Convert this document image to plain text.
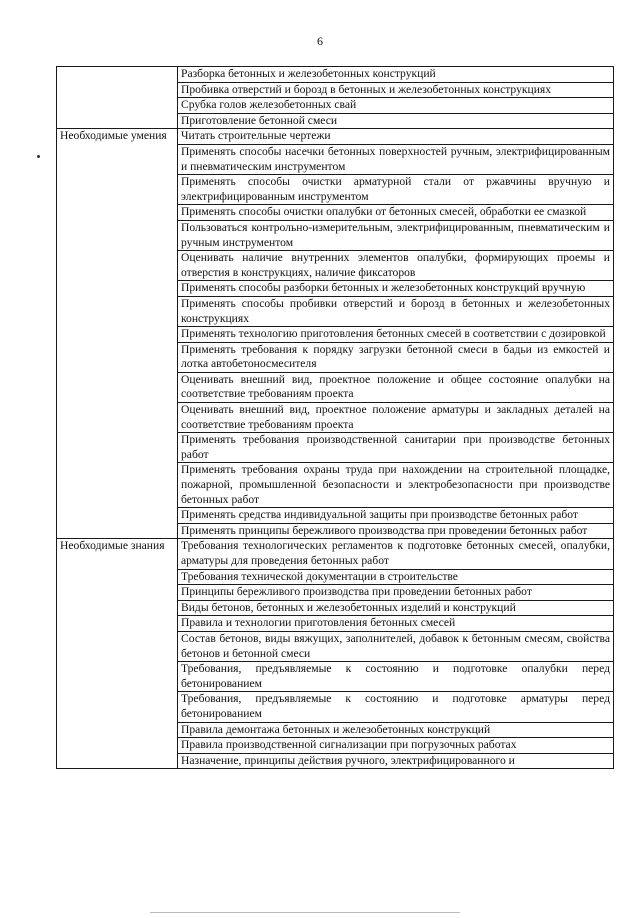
6
	Разборка бетонных и железобетонных конструкций
	Пробивка отверстий и борозд в бетонных и железобетонных конструкциях
	Срубка голов железобетонных свай
	Приготовление бетонной смеси
Необходимые умения	Читать строительные чертежи
	Применять способы насечки бетонных поверхностей ручным, электрифицированным и пневматическим инструментом
	Применять способы очистки арматурной стали от ржавчины вручную и электрифицированным инструментом
	Применять способы очистки опалубки от бетонных смесей, обработки ее смазкой
	Пользоваться контрольно-измерительным, электрифицированным, пневматическим и ручным инструментом
	Оценивать наличие внутренних элементов опалубки, формирующих проемы и отверстия в конструкциях, наличие фиксаторов
	Применять способы разборки бетонных и железобетонных конструкций вручную
	Применять способы пробивки отверстий и борозд в бетонных и железобетонных конструкциях
	Применять технологию приготовления бетонных смесей в соответствии с дозировкой
	Применять требования к порядку загрузки бетонной смеси в бадьи из емкостей и лотка автобетоносмесителя
	Оценивать внешний вид, проектное положение и общее состояние опалубки на соответствие требованиям проекта
	Оценивать внешний вид, проектное положение арматуры и закладных деталей на соответствие требованиям проекта
	Применять требования производственной санитарии при производстве бетонных работ
	Применять требования охраны труда при нахождении на строительной площадке, пожарной, промышленной безопасности и электробезопасности при производстве бетонных работ
	Применять средства индивидуальной защиты при производстве бетонных работ
	Применять принципы бережливого производства при проведении бетонных работ
Необходимые знания	Требования технологических регламентов к подготовке бетонных смесей, опалубки, арматуры для проведения бетонных работ
	Требования технической документации в строительстве
	Принципы бережливого производства при проведении бетонных работ
	Виды бетонов, бетонных и железобетонных изделий и конструкций
	Правила и технологии приготовления бетонных смесей
	Состав бетонов, виды вяжущих, заполнителей, добавок к бетонным смесям, свойства бетонов и бетонной смеси
	Требования, предъявляемые к состоянию и подготовке опалубки перед бетонированием
	Требования, предъявляемые к состоянию и подготовке арматуры перед бетонированием
	Правила демонтажа бетонных и железобетонных конструкций
	Правила производственной сигнализации при погрузочных работах
	Назначение, принципы действия ручного, электрифицированного и
